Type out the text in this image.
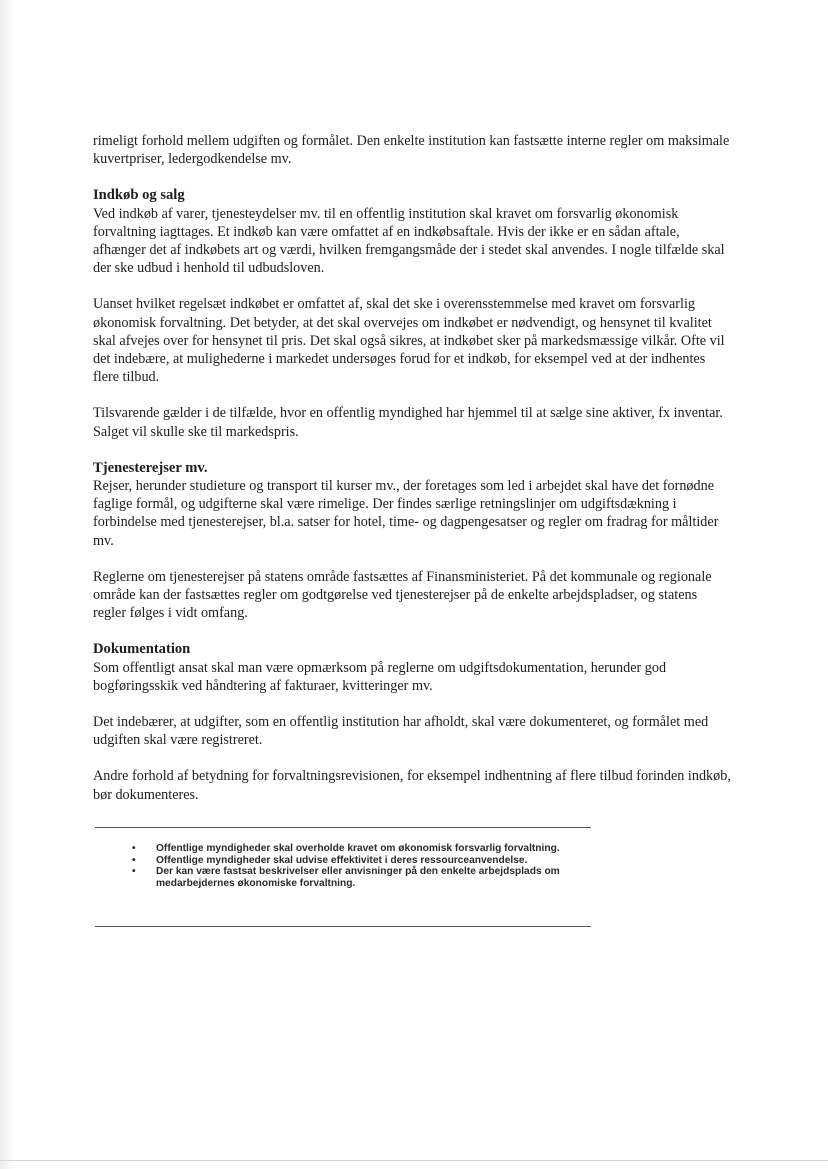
rimeligt forhold mellem udgiften og formålet. Den enkelte institution kan fastsætte interne regler om maksimale kuvertpriser, ledergodkendelse mv.

Indkøb og salg

Ved indkøb af varer, tjenesteydelser mv. til en offentlig institution skal kravet om forsvarlig økonomisk forvaltning iagttages. Et indkøb kan være omfattet af en indkøbsaftale. Hvis der ikke er en sådan aftale, afhænger det af indkøbets art og værdi, hvilken fremgangsmåde der i stedet skal anvendes. I nogle tilfælde skal der ske udbud i henhold til udbudsloven.

Uanset hvilket regelsæt indkøbet er omfattet af, skal det ske i overensstemmelse med kravet om forsvarlig økonomisk forvaltning. Det betyder, at det skal overvejes om indkøbet er nødvendigt, og hensynet til kvalitet skal afvejes over for hensynet til pris. Det skal også sikres, at indkøbet sker på markedsmæssige vilkår. Ofte vil det indebære, at mulighederne i markedet undersøges forud for et indkøb, for eksempel ved at der indhentes flere tilbud.

Tilsvarende gælder i de tilfælde, hvor en offentlig myndighed har hjemmel til at sælge sine aktiver, fx inventar. Salget vil skulle ske til markedspris.

Tjenesterejser mv.

Rejser, herunder studieture og transport til kurser mv., der foretages som led i arbejdet skal have det fornødne faglige formål, og udgifterne skal være rimelige. Der findes særlige retningslinjer om udgiftsdækning i forbindelse med tjenesterejser, bl.a. satser for hotel, time- og dagpengesatser og regler om fradrag for måltider mv.

Reglerne om tjenesterejser på statens område fastsættes af Finansministeriet. På det kommunale og regionale område kan der fastsættes regler om godtgørelse ved tjenesterejser på de enkelte arbejdspladser, og statens regler følges i vidt omfang.

Dokumentation

Som offentligt ansat skal man være opmærksom på reglerne om udgiftsdokumentation, herunder god bogføringsskik ved håndtering af fakturaer, kvitteringer mv.

Det indebærer, at udgifter, som en offentlig institution har afholdt, skal være dokumenteret, og formålet med udgiften skal være registreret.

Andre forhold af betydning for forvaltningsrevisionen, for eksempel indhentning af flere tilbud forinden indkøb, bør dokumenteres.

• Offentlige myndigheder skal overholde kravet om økonomisk forsvarlig forvaltning.
• Offentlige myndigheder skal udvise effektivitet i deres ressourceanvendelse.
• Der kan være fastsat beskrivelser eller anvisninger på den enkelte arbejdsplads om medarbejdernes økonomiske forvaltning.
